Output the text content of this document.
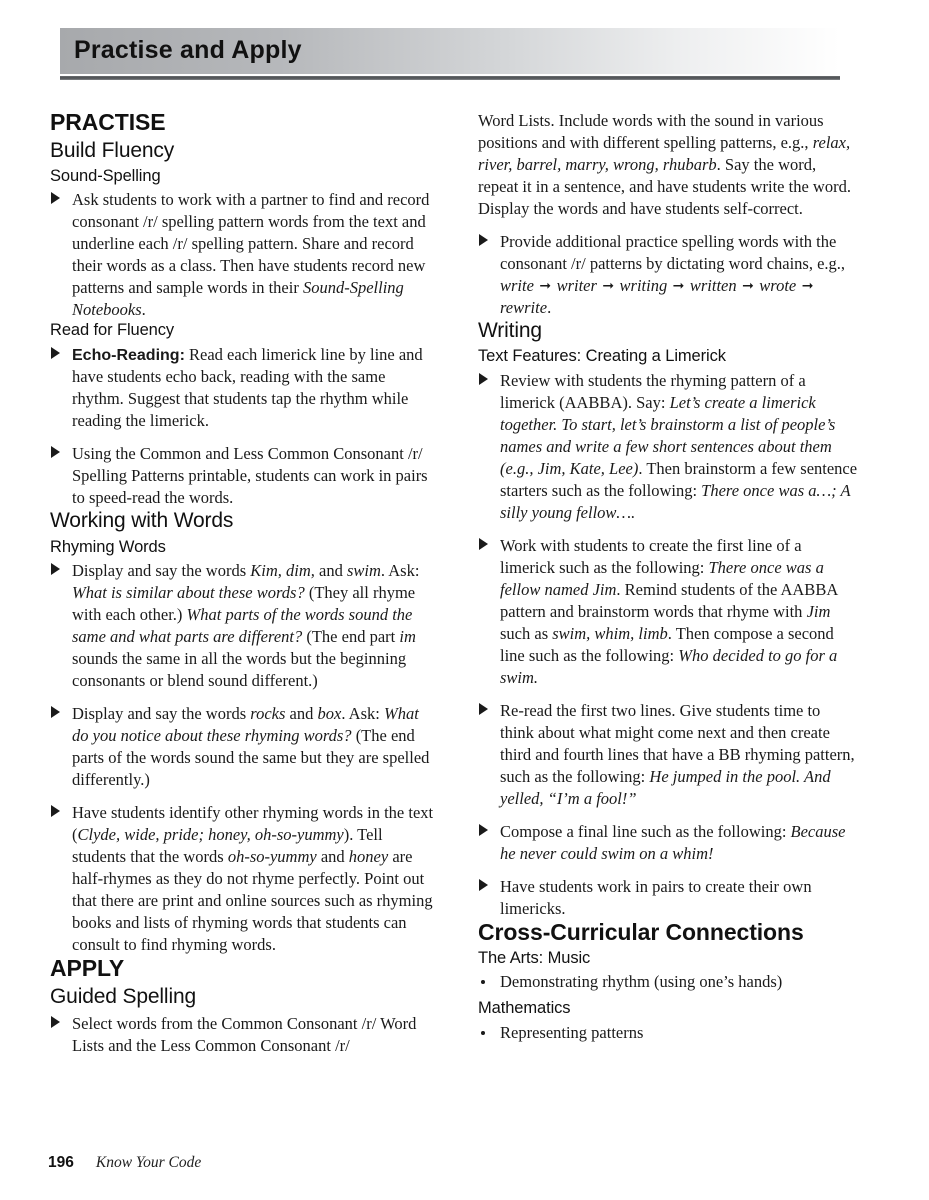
Practise and Apply
PRACTISE
Build Fluency
Sound-Spelling
Ask students to work with a partner to find and record consonant /r/ spelling pattern words from the text and underline each /r/ spelling pattern. Share and record their words as a class. Then have students record new patterns and sample words in their Sound-Spelling Notebooks.
Read for Fluency
Echo-Reading: Read each limerick line by line and have students echo back, reading with the same rhythm. Suggest that students tap the rhythm while reading the limerick.
Using the Common and Less Common Consonant /r/ Spelling Patterns printable, students can work in pairs to speed-read the words.
Working with Words
Rhyming Words
Display and say the words Kim, dim, and swim. Ask: What is similar about these words? (They all rhyme with each other.) What parts of the words sound the same and what parts are different? (The end part im sounds the same in all the words but the beginning consonants or blend sound different.)
Display and say the words rocks and box. Ask: What do you notice about these rhyming words? (The end parts of the words sound the same but they are spelled differently.)
Have students identify other rhyming words in the text (Clyde, wide, pride; honey, oh-so-yummy). Tell students that the words oh-so-yummy and honey are half-rhymes as they do not rhyme perfectly. Point out that there are print and online sources such as rhyming books and lists of rhyming words that students can consult to find rhyming words.
APPLY
Guided Spelling
Select words from the Common Consonant /r/ Word Lists and the Less Common Consonant /r/

Word Lists. Include words with the sound in various positions and with different spelling patterns, e.g., relax, river, barrel, marry, wrong, rhubarb. Say the word, repeat it in a sentence, and have students write the word. Display the words and have students self-correct.

Provide additional practice spelling words with the consonant /r/ patterns by dictating word chains, e.g., write ➞ writer ➞ writing ➞ written ➞ wrote ➞ rewrite.
Writing
Text Features: Creating a Limerick
Review with students the rhyming pattern of a limerick (AABBA). Say: Let’s create a limerick together. To start, let’s brainstorm a list of people’s names and write a few short sentences about them (e.g., Jim, Kate, Lee). Then brainstorm a few sentence starters such as the following: There once was a…; A silly young fellow….
Work with students to create the first line of a limerick such as the following: There once was a fellow named Jim. Remind students of the AABBA pattern and brainstorm words that rhyme with Jim such as swim, whim, limb. Then compose a second line such as the following: Who decided to go for a swim.
Re-read the first two lines. Give students time to think about what might come next and then create third and fourth lines that have a BB rhyming pattern, such as the following: He jumped in the pool. And yelled, “I’m a fool!”
Compose a final line such as the following: Because he never could swim on a whim!
Have students work in pairs to create their own limericks.
Cross-Curricular Connections
The Arts: Music
Demonstrating rhythm (using one’s hands)
Mathematics
Representing patterns
196 Know Your Code
